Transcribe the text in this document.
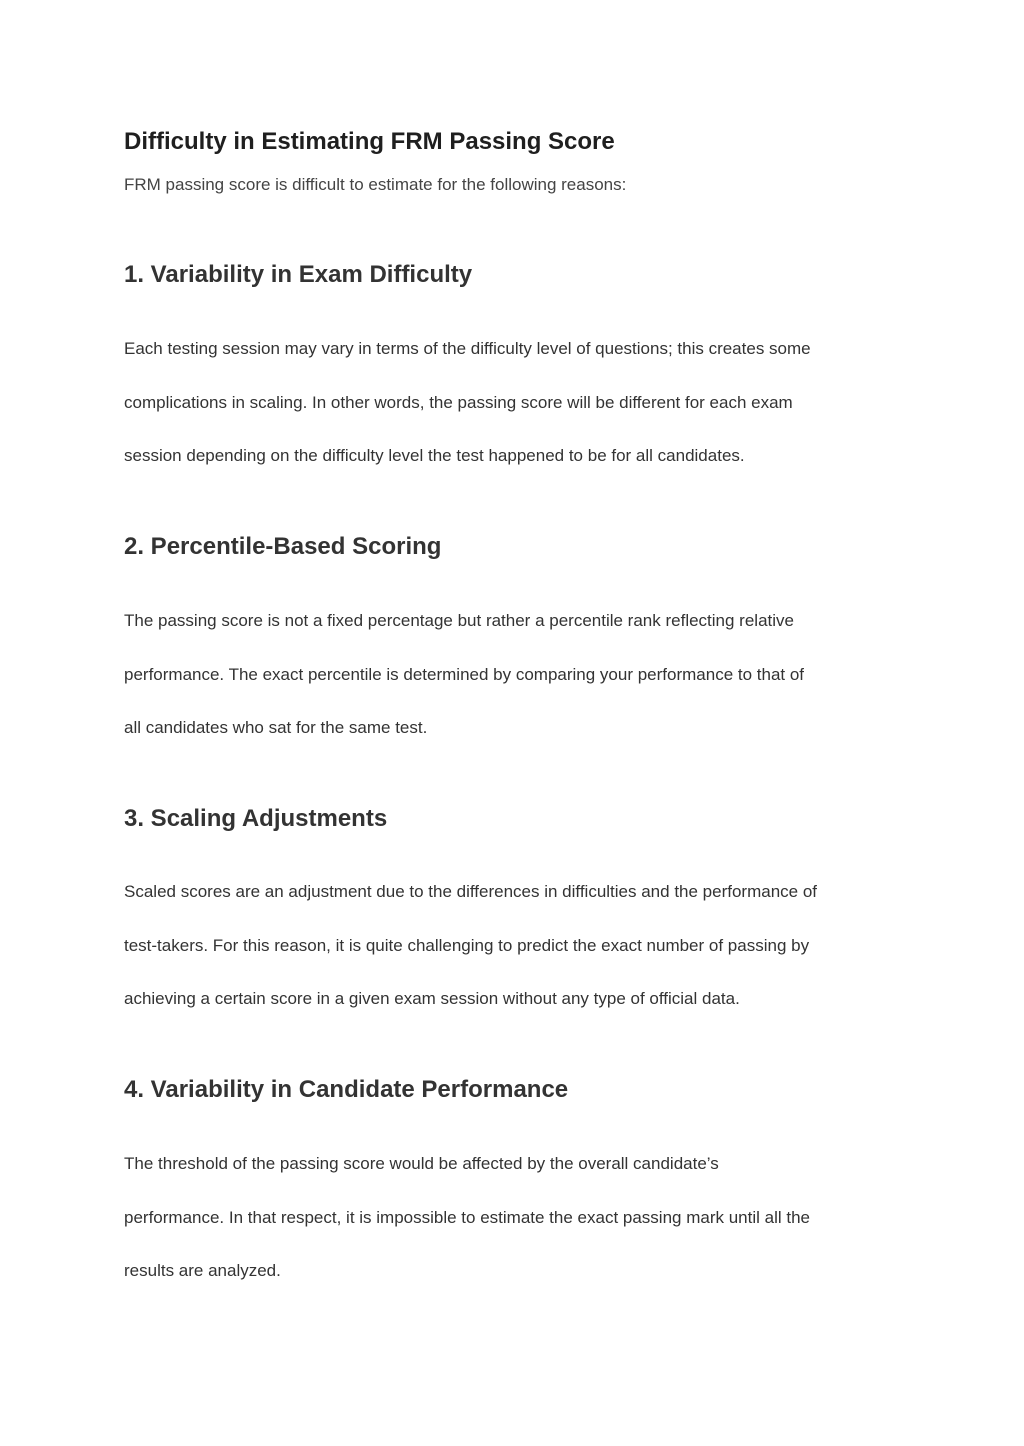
Difficulty in Estimating FRM Passing Score

FRM passing score is difficult to estimate for the following reasons:

1. Variability in Exam Difficulty
Each testing session may vary in terms of the difficulty level of questions; this creates some
complications in scaling. In other words, the passing score will be different for each exam
session depending on the difficulty level the test happened to be for all candidates.
2. Percentile-Based Scoring
The passing score is not a fixed percentage but rather a percentile rank reflecting relative
performance. The exact percentile is determined by comparing your performance to that of
all candidates who sat for the same test.
3. Scaling Adjustments
Scaled scores are an adjustment due to the differences in difficulties and the performance of
test-takers. For this reason, it is quite challenging to predict the exact number of passing by
achieving a certain score in a given exam session without any type of official data.
4. Variability in Candidate Performance
The threshold of the passing score would be affected by the overall candidate’s
performance. In that respect, it is impossible to estimate the exact passing mark until all the
results are analyzed.
